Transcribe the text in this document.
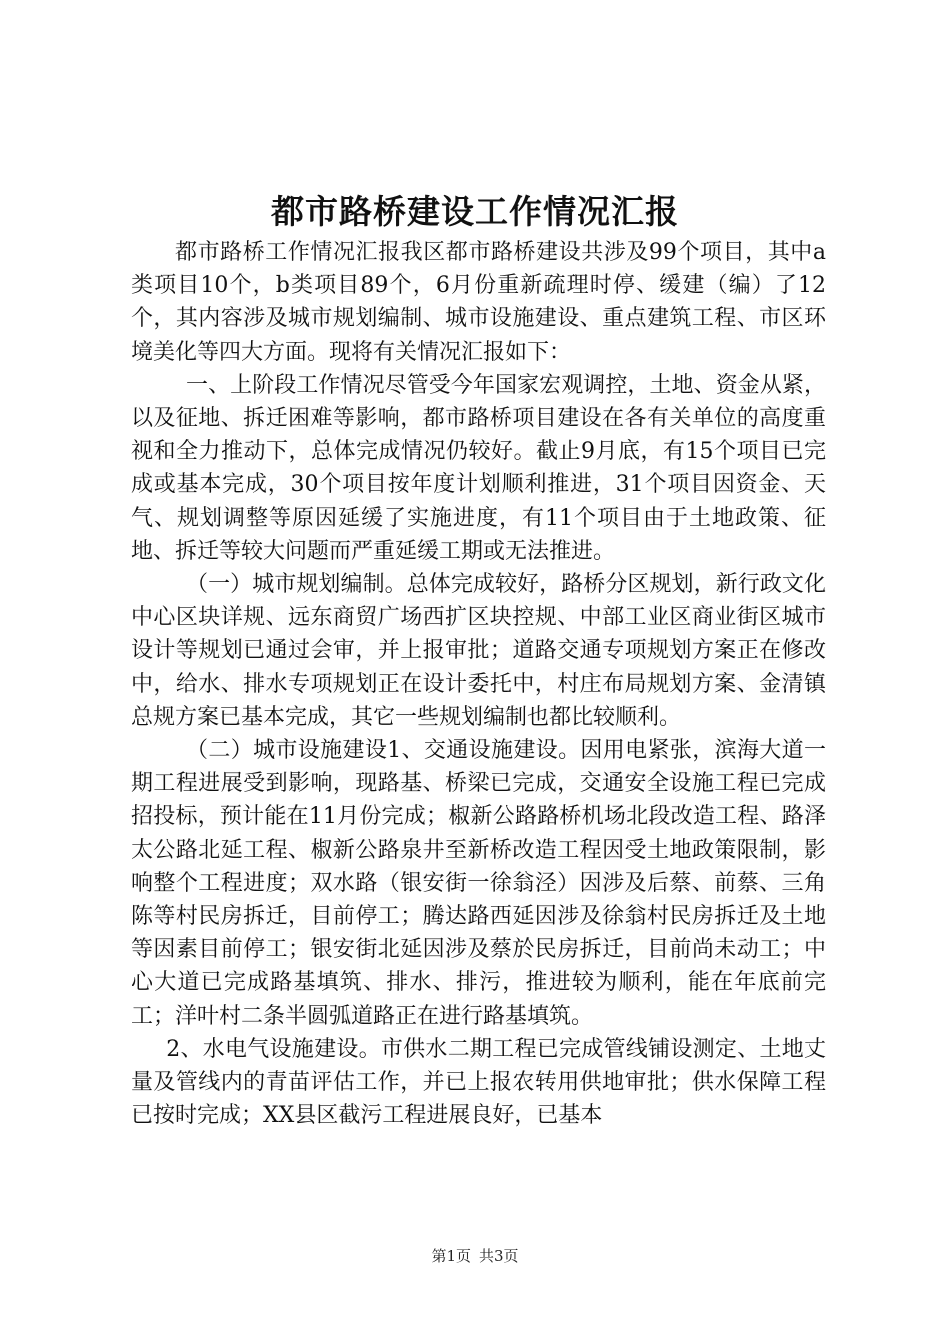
都市路桥建设工作情况汇报

都市路桥工作情况汇报我区都市路桥建设共涉及99个项目，其中a类项目10个，b类项目89个，6月份重新疏理时停、缓建（编）了12个，其内容涉及城市规划编制、城市设施建设、重点建筑工程、市区环境美化等四大方面。现将有关情况汇报如下：

一、上阶段工作情况尽管受今年国家宏观调控，土地、资金从紧，以及征地、拆迁困难等影响，都市路桥项目建设在各有关单位的高度重视和全力推动下，总体完成情况仍较好。截止9月底，有15个项目已完成或基本完成，30个项目按年度计划顺利推进，31个项目因资金、天气、规划调整等原因延缓了实施进度，有11个项目由于土地政策、征地、拆迁等较大问题而严重延缓工期或无法推进。

（一）城市规划编制。总体完成较好，路桥分区规划，新行政文化中心区块详规、远东商贸广场西扩区块控规、中部工业区商业街区城市设计等规划已通过会审，并上报审批；道路交通专项规划方案正在修改中，给水、排水专项规划正在设计委托中，村庄布局规划方案、金清镇总规方案已基本完成，其它一些规划编制也都比较顺利。

（二）城市设施建设1、交通设施建设。因用电紧张，滨海大道一期工程进展受到影响，现路基、桥梁已完成，交通安全设施工程已完成招投标，预计能在11月份完成；椒新公路路桥机场北段改造工程、路泽太公路北延工程、椒新公路泉井至新桥改造工程因受土地政策限制，影响整个工程进度；双水路（银安街一徐翁泾）因涉及后蔡、前蔡、三角陈等村民房拆迁，目前停工；腾达路西延因涉及徐翁村民房拆迁及土地等因素目前停工；银安街北延因涉及蔡於民房拆迁，目前尚未动工；中心大道已完成路基填筑、排水、排污，推进较为顺利，能在年底前完工；洋叶村二条半圆弧道路正在进行路基填筑。

2、水电气设施建设。市供水二期工程已完成管线铺设测定、土地丈量及管线内的青苗评估工作，并已上报农转用供地审批；供水保障工程已按时完成；XX县区截污工程进展良好，已基本

第1页 共3页
